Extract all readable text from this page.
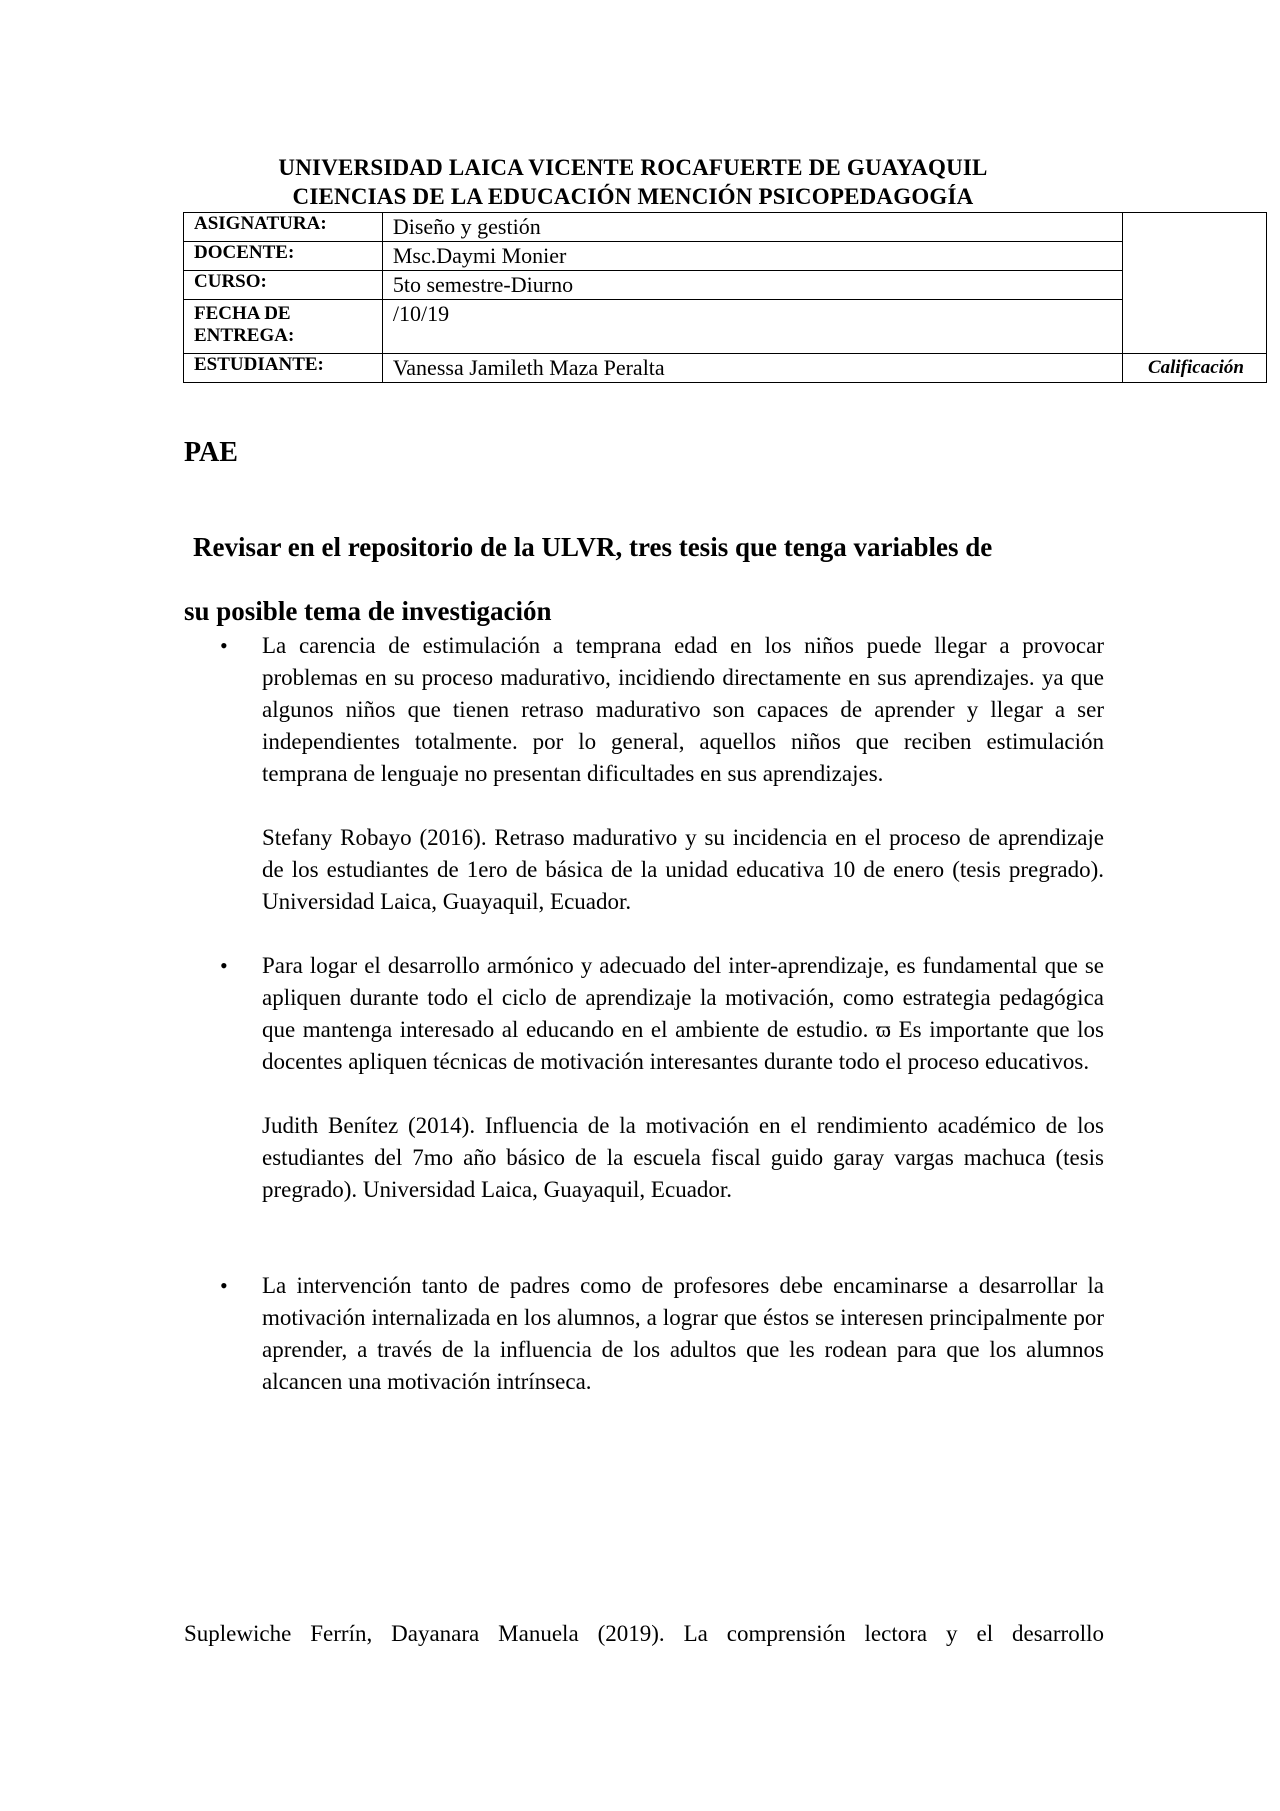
UNIVERSIDAD LAICA VICENTE ROCAFUERTE DE GUAYAQUIL
CIENCIAS DE LA EDUCACIÓN MENCIÓN PSICOPEDAGOGÍA
ASIGNATURA:	Diseño y gestión	
DOCENTE:	Msc.Daymi Monier	
CURSO:	5to semestre-Diurno	
FECHA DE ENTREGA:	/10/19	
ESTUDIANTE:	Vanessa Jamileth Maza Peralta	Calificación
PAE
Revisar en el repositorio de la ULVR, tres tesis que tenga variables de
su posible tema de investigación
• La carencia de estimulación a temprana edad en los niños puede llegar a provocar problemas en su proceso madurativo, incidiendo directamente en sus aprendizajes. ya que algunos niños que tienen retraso madurativo son capaces de aprender y llegar a ser independientes totalmente. por lo general, aquellos niños que reciben estimulación temprana de lenguaje no presentan dificultades en sus aprendizajes.
Stefany Robayo (2016). Retraso madurativo y su incidencia en el proceso de aprendizaje de los estudiantes de 1ero de básica de la unidad educativa 10 de enero (tesis pregrado). Universidad Laica, Guayaquil, Ecuador.
• Para logar el desarrollo armónico y adecuado del inter-aprendizaje, es fundamental que se apliquen durante todo el ciclo de aprendizaje la motivación, como estrategia pedagógica que mantenga interesado al educando en el ambiente de estudio. ϖ Es importante que los docentes apliquen técnicas de motivación interesantes durante todo el proceso educativos.
Judith Benítez (2014). Influencia de la motivación en el rendimiento académico de los estudiantes del 7mo año básico de la escuela fiscal guido garay vargas machuca (tesis pregrado). Universidad Laica, Guayaquil, Ecuador.
• La intervención tanto de padres como de profesores debe encaminarse a desarrollar la motivación internalizada en los alumnos, a lograr que éstos se interesen principalmente por aprender, a través de la influencia de los adultos que les rodean para que los alumnos alcancen una motivación intrínseca.
Suplewiche Ferrín, Dayanara Manuela (2019). La comprensión lectora y el desarrollo
